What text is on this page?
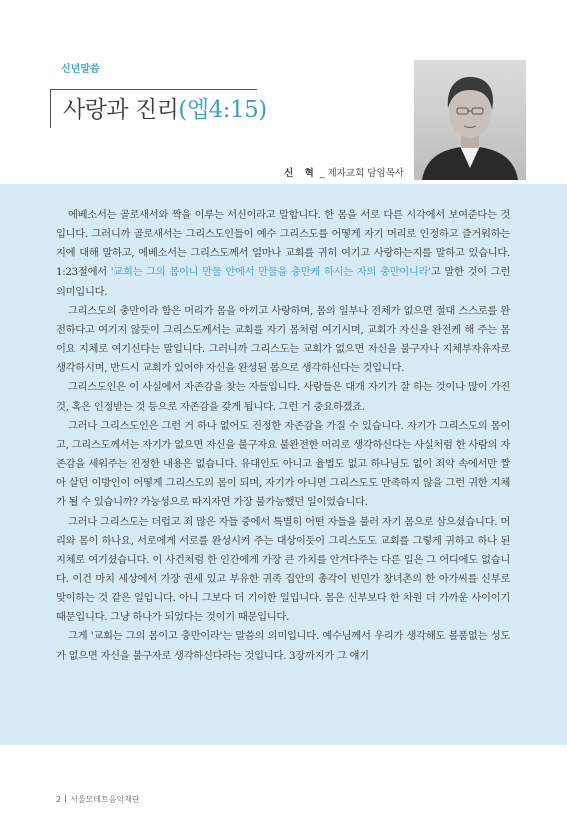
신년말씀
사랑과 진리(엡4:15)
신 혁 _ 제자교회 담임목사

에베소서는 골로새서와 짝을 이루는 서신이라고 말합니다. 한 몸을 서로 다른 시각에서 보여준다는 것입니다. 그러니까 골로새서는 그리스도인들이 예수 그리스도를 어떻게 자기 머리로 인정하고 즐거워하는지에 대해 말하고, 에베소서는 그리스도께서 얼마나 교회를 귀히 여기고 사랑하는지를 말하고 있습니다. 1:23절에서 '교회는 그의 몸이니 만물 안에서 만물을 충만케 하시는 자의 충만이니라'고 말한 것이 그런 의미입니다.

그리스도의 충만이라 함은 머리가 몸을 아끼고 사랑하며, 몸의 일부나 전체가 없으면 절대 스스로를 완전하다고 여기지 않듯이 그리스도께서는 교회를 자기 몸처럼 여기시며, 교회가 자신을 완전케 해 주는 몸이요 지체로 여기신다는 말입니다. 그러니까 그리스도는 교회가 없으면 자신을 불구자나 지체부자유자로 생각하시며, 반드시 교회가 있어야 자신을 완성된 몸으로 생각하신다는 것입니다.

그리스도인은 이 사실에서 자존감을 찾는 자들입니다. 사람들은 대개 자기가 잘 하는 것이나 많이 가진 것, 혹은 인정받는 것 등으로 자존감을 갖게 됩니다. 그런 거 중요하겠죠.

그러나 그리스도인은 그런 거 하나 없어도 진정한 자존감을 가질 수 있습니다. 자기가 그리스도의 몸이고, 그리스도께서는 자기가 없으면 자신을 불구자요 불완전한 머리로 생각하신다는 사실처럼 한 사람의 자존감을 세워주는 진정한 내용은 없습니다. 유대인도 아니고 율법도 없고 하나님도 없이 죄악 속에서만 짤아 살던 이방인이 어떻게 그리스도의 몸이 되며, 자기가 아니면 그리스도도 만족하지 않을 그런 귀한 지체가 될 수 있습니까? 가능성으로 따지자면 가장 불가능했던 일이었습니다.

그러나 그리스도는 더럽고 죄 많은 자들 중에서 특별히 어떤 자들을 불러 자기 몸으로 삼으셨습니다. 머리와 몸이 하나요, 서로에게 서로를 완성시켜 주는 대상이듯이 그리스도도 교회를 그렇게 귀하고 하나 된 지체로 여기셨습니다. 이 사건처럼 한 인간에게 가장 큰 가치를 안겨다주는 다른 일은 그 어디에도 없습니다. 이건 마치 세상에서 가장 권세 있고 부유한 귀족 집안의 총각이 빈민가 창녀촌의 한 아가씨를 신부로 맞이하는 것 같은 일입니다. 아니 그보다 더 기이한 일입니다. 몸은 신부보다 한 차원 더 가까운 사이이기 때문입니다. 그냥 하나가 되었다는 것이기 때문입니다.

그게 '교회는 그의 몸이고 충만이라'는 말씀의 의미입니다. 예수님께서 우리가 생각해도 볼품없는 성도가 없으면 자신을 불구자로 생각하신다라는 것입니다. 3장까지가 그 얘기

2 서울모테트음악재단
